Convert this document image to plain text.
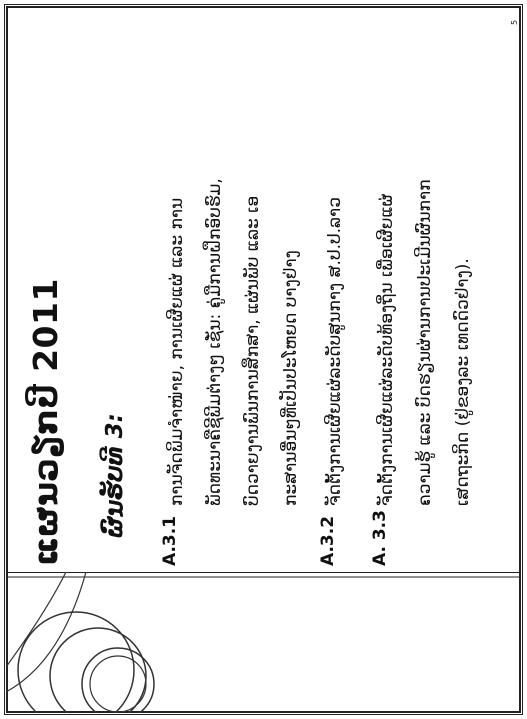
5
ແຜນວຽກປີ 2011 ຜົນຮັບທີ 3:
A.3.1
ການຈັດພິມຈຳໜ່າຍ, ການເຜີຍແຜ່ ແລະ ການ	ພັດທະນາຄືຊີພີມຕ່າງໆ ເຊັ່ນ: ຄູ່ມືການຝຶກອົບຮົມ,	ບົດວາຍງານພົນການສຶກສາ, ແຜ່ນພັບ ແລະ ເອ	ກະສານອື່ນໆທີ່ເປັນປະໂຫຍດ ບາງຢ່າງ
A.3.2
ຈັດຕັ້ງການເຜີຍແຜ່ລະດັບສູນກາງ ສ.ປ.ປ.ລາວ
A. 3.3
ຈັດຕັ້ງການເຜີຍແຜ່ລະດັບທ້ອງຖິ່ນ ເພື່ອເຜີຍແຜ່	ຄວາມຮູ້ ແລະ ບົດຮຽນຜ່ານການປະເມີນຜົນກາກ	ເສດຖະກິດ (ຢູ່ຂອງລະ ເທດດົວຢ່າງ).
